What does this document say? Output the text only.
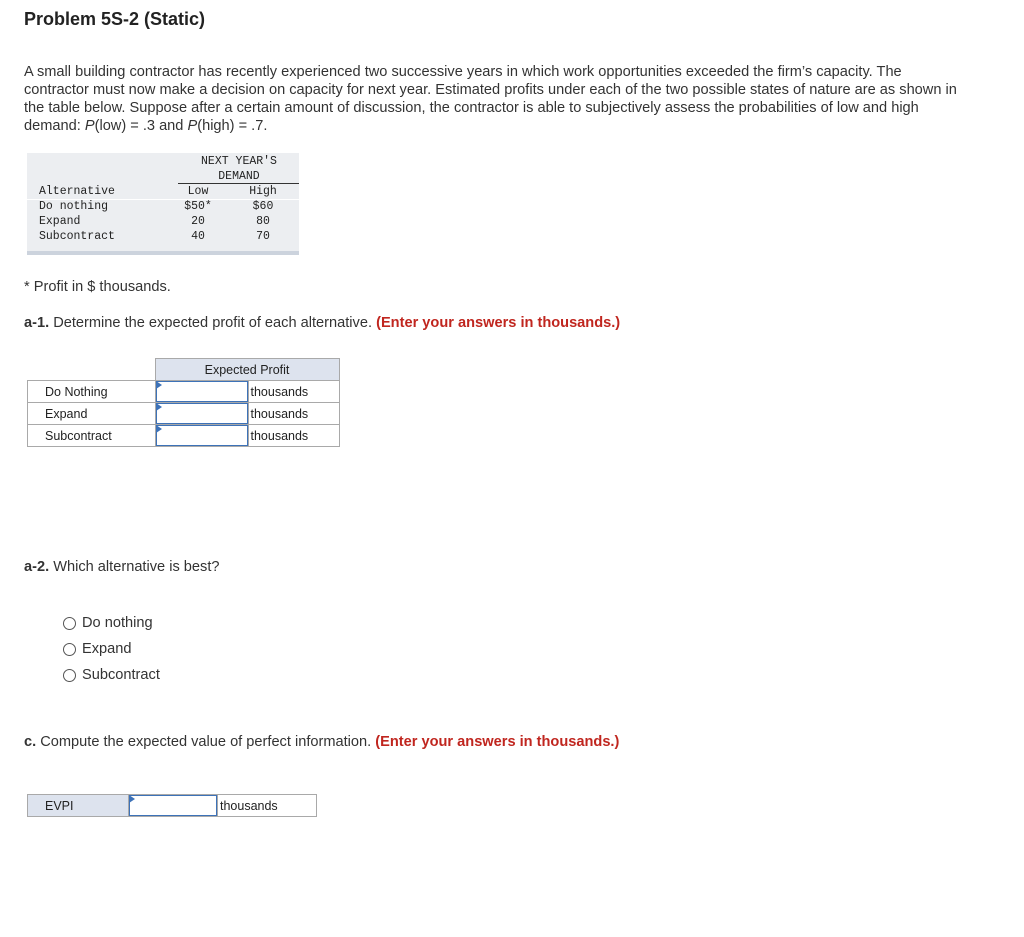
Problem 5S-2 (Static)
A small building contractor has recently experienced two successive years in which work opportunities exceeded the firm’s capacity. The contractor must now make a decision on capacity for next year. Estimated profits under each of the two possible states of nature are as shown in the table below. Suppose after a certain amount of discussion, the contractor is able to subjectively assess the probabilities of low and high demand: P(low) = .3 and P(high) = .7.
NEXT YEAR'S
DEMAND
Alternative	Low	High
Do nothing	$50*	$60
Expand	20	80
Subcontract	40	70
* Profit in $ thousands.
a-1. Determine the expected profit of each alternative. (Enter your answers in thousands.)
	Expected Profit	
Do Nothing		thousands
Expand		thousands
Subcontract		thousands
a-2. Which alternative is best?
Do nothing
Expand
Subcontract
c. Compute the expected value of perfect information. (Enter your answers in thousands.)
EVPI		thousands
